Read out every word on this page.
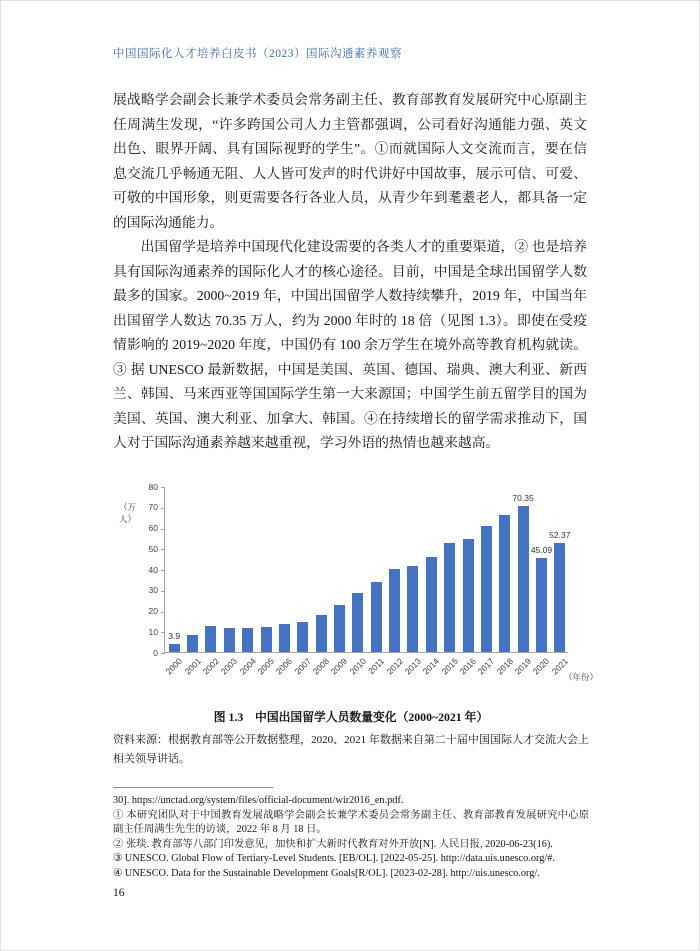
中国国际化人才培养白皮书（2023）国际沟通素养观察

展战略学会副会长兼学术委员会常务副主任、教育部教育发展研究中心原副主任周满生发现，“许多跨国公司人力主管都强调，公司看好沟通能力强、英文出色、眼界开阔、具有国际视野的学生”。①而就国际人文交流而言，要在信息交流几乎畅通无阻、人人皆可发声的时代讲好中国故事，展示可信、可爱、可敬的中国形象，则更需要各行各业人员，从青少年到耄耋老人，都具备一定的国际沟通能力。

出国留学是培养中国现代化建设需要的各类人才的重要渠道，② 也是培养具有国际沟通素养的国际化人才的核心途径。目前，中国是全球出国留学人数最多的国家。2000~2019 年，中国出国留学人数持续攀升，2019 年，中国当年出国留学人数达 70.35 万人，约为 2000 年时的 18 倍（见图 1.3）。即使在受疫情影响的 2019~2020 年度，中国仍有 100 余万学生在境外高等教育机构就读。③ 据 UNESCO 最新数据，中国是美国、英国、德国、瑞典、澳大利亚、新西兰、韩国、马来西亚等国国际学生第一大来源国；中国学生前五留学目的国为美国、英国、澳大利亚、加拿大、韩国。④在持续增长的留学需求推动下，国人对于国际沟通素养越来越重视，学习外语的热情也越来越高。

（万人）
0
10
20
30
40
50
60
70
80
3.9
2000
2001
2002
2003
2004
2005
2006
2007
2008
2009
2010
2011
2012
2013
2014
2015
2016
2017
2018
70.35
2019
45.09
2020
52.37
2021
（年份）
图 1.3　中国出国留学人员数量变化（2000~2021 年）
资料来源：根据教育部等公开数据整理，2020、2021 年数据来自第二十届中国国际人才交流大会上相关领导讲话。
30]. https://unctad.org/system/files/official-document/wir2016_en.pdf.
① 本研究团队对于中国教育发展战略学会副会长兼学术委员会常务副主任、教育部教育发展研究中心原副主任周满生先生的访谈，2022 年 8 月 18 日。
② 张琰. 教育部等八部门印发意见，加快和扩大新时代教育对外开放[N]. 人民日报, 2020-06-23(16).
③ UNESCO. Global Flow of Tertiary-Level Students. [EB/OL]. [2022-05-25]. http://data.uis.unesco.org/#.
④ UNESCO. Data for the Sustainable Development Goals[R/OL]. [2023-02-28]. http://uis.unesco.org/.
16
